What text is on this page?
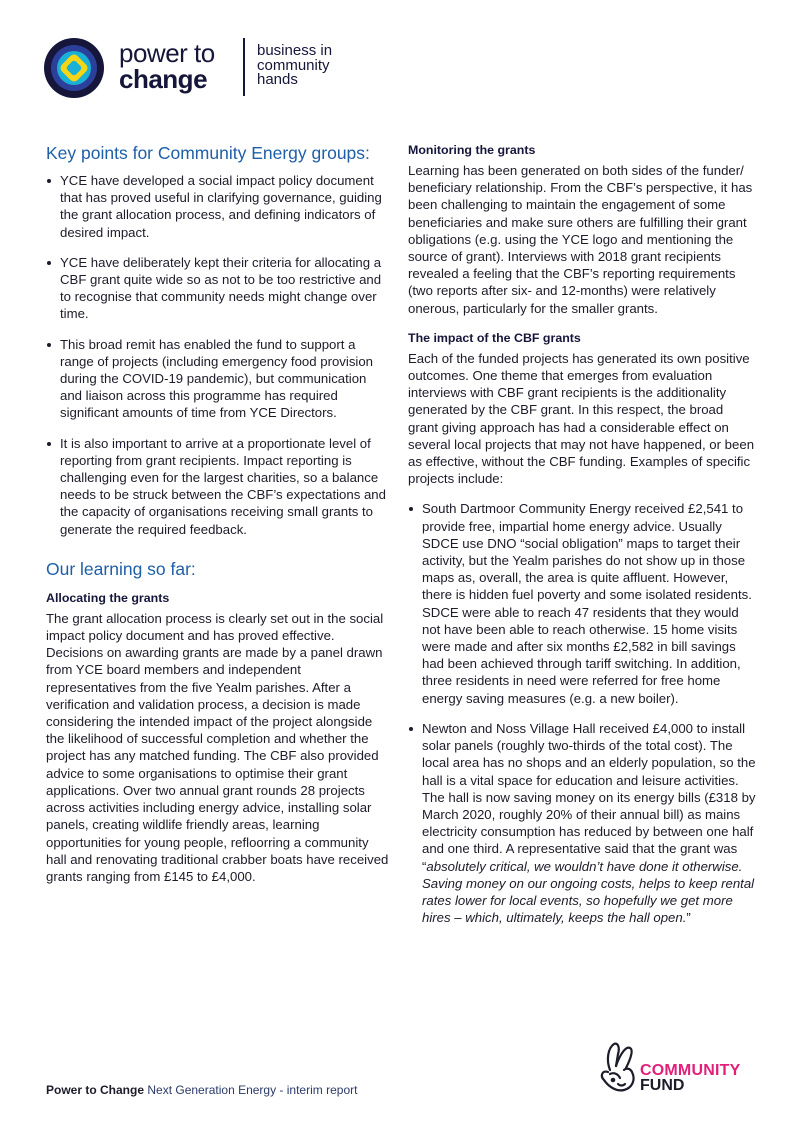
power to
change
business in community hands
Key points for Community Energy groups:
YCE have developed a social impact policy document that has proved useful in clarifying governance, guiding the grant allocation process, and defining indicators of desired impact.
YCE have deliberately kept their criteria for allocating a CBF grant quite wide so as not to be too restrictive and to recognise that community needs might change over time.
This broad remit has enabled the fund to support a range of projects (including emergency food provision during the COVID-19 pandemic), but communication and liaison across this programme has required significant amounts of time from YCE Directors.
It is also important to arrive at a proportionate level of reporting from grant recipients. Impact reporting is challenging even for the largest charities, so a balance needs to be struck between the CBF’s expectations and the capacity of organisations receiving small grants to generate the required feedback.
Our learning so far:
Allocating the grants

The grant allocation process is clearly set out in the social impact policy document and has proved effective. Decisions on awarding grants are made by a panel drawn from YCE board members and independent representatives from the five Yealm parishes. After a verification and validation process, a decision is made considering the intended impact of the project alongside the likelihood of successful completion and whether the project has any matched funding. The CBF also provided advice to some organisations to optimise their grant applications. Over two annual grant rounds 28 projects across activities including energy advice, installing solar panels, creating wildlife friendly areas, learning opportunities for young people, refloorring a community hall and renovating traditional crabber boats have received grants ranging from £145 to £4,000.

Monitoring the grants

Learning has been generated on both sides of the funder/ beneficiary relationship. From the CBF’s perspective, it has been challenging to maintain the engagement of some beneficiaries and make sure others are fulfilling their grant obligations (e.g. using the YCE logo and mentioning the source of grant). Interviews with 2018 grant recipients revealed a feeling that the CBF’s reporting requirements (two reports after six- and 12-months) were relatively onerous, particularly for the smaller grants.

The impact of the CBF grants

Each of the funded projects has generated its own positive outcomes. One theme that emerges from evaluation interviews with CBF grant recipients is the additionality generated by the CBF grant. In this respect, the broad grant giving approach has had a considerable effect on several local projects that may not have happened, or been as effective, without the CBF funding. Examples of specific projects include:

South Dartmoor Community Energy received £2,541 to provide free, impartial home energy advice. Usually SDCE use DNO “social obligation” maps to target their activity, but the Yealm parishes do not show up in those maps as, overall, the area is quite affluent. However, there is hidden fuel poverty and some isolated residents. SDCE were able to reach 47 residents that they would not have been able to reach otherwise. 15 home visits were made and after six months £2,582 in bill savings had been achieved through tariff switching. In addition, three residents in need were referred for free home energy saving measures (e.g. a new boiler).
Newton and Noss Village Hall received £4,000 to install solar panels (roughly two-thirds of the total cost). The local area has no shops and an elderly population, so the hall is a vital space for education and leisure activities. The hall is now saving money on its energy bills (£318 by March 2020, roughly 20% of their annual bill) as mains electricity consumption has reduced by between one half and one third. A representative said that the grant was “absolutely critical, we wouldn’t have done it otherwise. Saving money on our ongoing costs, helps to keep rental rates lower for local events, so hopefully we get more hires – which, ultimately, keeps the hall open.”
Power to Change Next Generation Energy - interim report
COMMUNITY
FUND
